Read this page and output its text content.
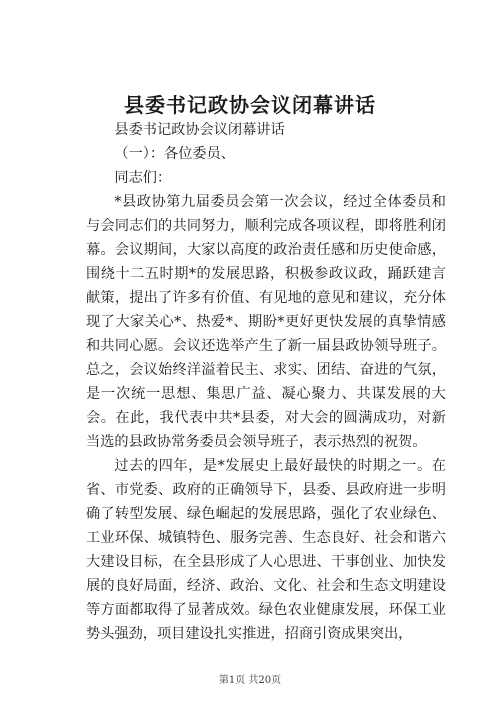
县委书记政协会议闭幕讲话

县委书记政协会议闭幕讲话

（一）：各位委员、

同志们：

*县政协第九届委员会第一次会议，经过全体委员和与会同志们的共同努力，顺利完成各项议程，即将胜利闭幕。会议期间，大家以高度的政治责任感和历史使命感，围绕十二五时期*的发展思路，积极参政议政，踊跃建言献策，提出了许多有价值、有见地的意见和建议，充分体现了大家关心*、热爱*、期盼*更好更快发展的真挚情感和共同心愿。会议还选举产生了新一届县政协领导班子。总之，会议始终洋溢着民主、求实、团结、奋进的气氛，是一次统一思想、集思广益、凝心聚力、共谋发展的大会。在此，我代表中共*县委，对大会的圆满成功，对新当选的县政协常务委员会领导班子，表示热烈的祝贺。

过去的四年，是*发展史上最好最快的时期之一。在省、市党委、政府的正确领导下，县委、县政府进一步明确了转型发展、绿色崛起的发展思路，强化了农业绿色、工业环保、城镇特色、服务完善、生态良好、社会和谐六大建设目标，在全县形成了人心思进、干事创业、加快发展的良好局面，经济、政治、文化、社会和生态文明建设等方面都取得了显著成效。绿色农业健康发展，环保工业势头强劲，项目建设扎实推进，招商引资成果突出，

第1页 共20页
